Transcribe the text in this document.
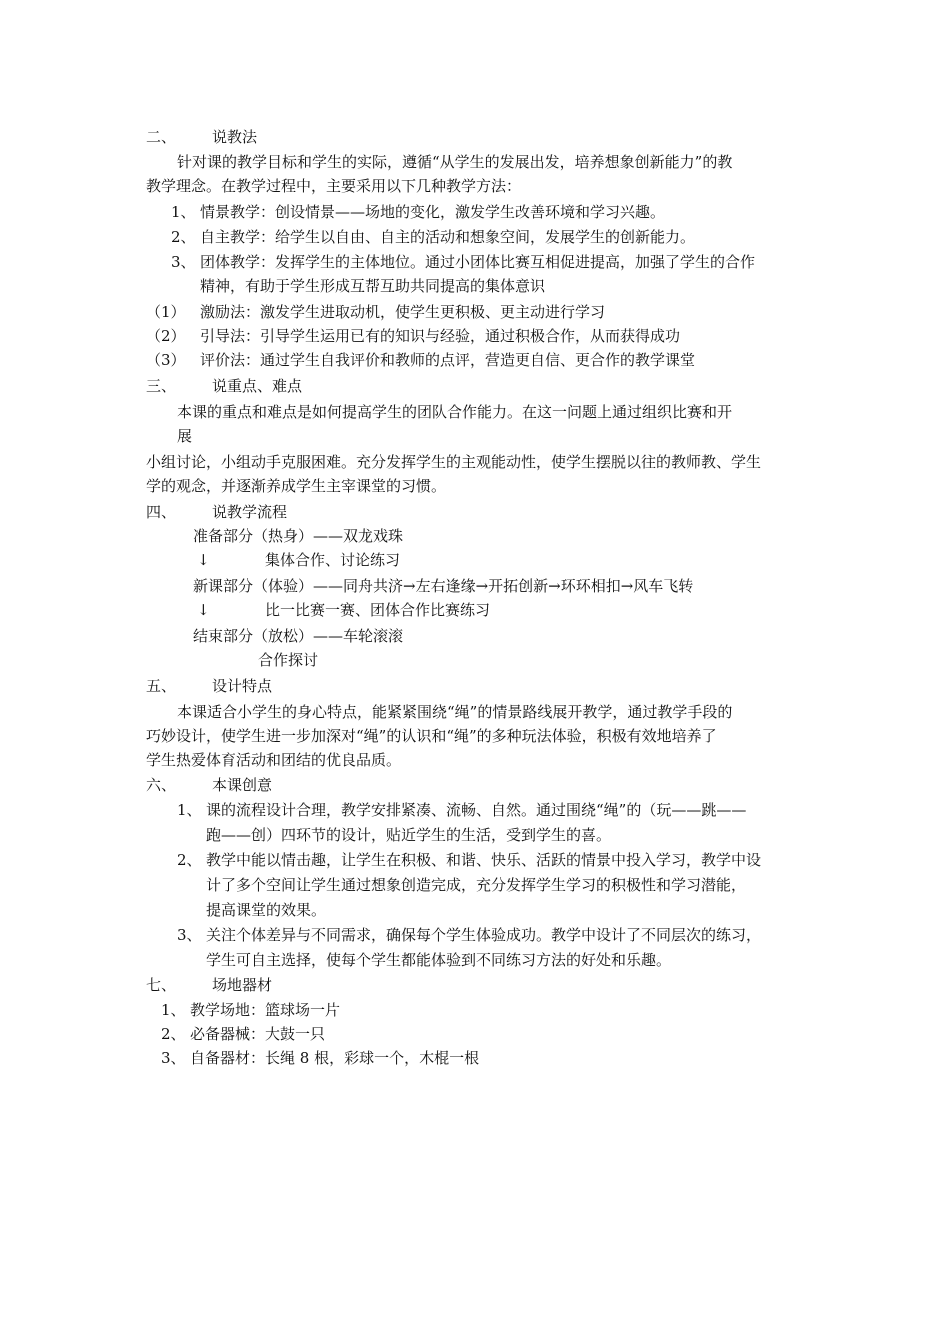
二、 说教法
针对课的教学目标和学生的实际，遵循“从学生的发展出发，培养想象创新能力”的教
教学理念。在教学过程中，主要采用以下几种教学方法：
1、 情景教学：创设情景——场地的变化，激发学生改善环境和学习兴趣。
2、 自主教学：给学生以自由、自主的活动和想象空间，发展学生的创新能力。
3、 团体教学：发挥学生的主体地位。通过小团体比赛互相促进提高，加强了学生的合作
精神，有助于学生形成互帮互助共同提高的集体意识
（1） 激励法：激发学生进取动机，使学生更积极、更主动进行学习
（2） 引导法：引导学生运用已有的知识与经验，通过积极合作，从而获得成功
（3） 评价法：通过学生自我评价和教师的点评，营造更自信、更合作的教学课堂
三、 说重点、难点
本课的重点和难点是如何提高学生的团队合作能力。在这一问题上通过组织比赛和开
展
小组讨论，小组动手克服困难。充分发挥学生的主观能动性，使学生摆脱以往的教师教、学生
学的观念，并逐渐养成学生主宰课堂的习惯。
四、 说教学流程
准备部分（热身）——双龙戏珠
↓	集体合作、讨论练习
新课部分（体验）——同舟共济→左右逢缘→开拓创新→环环相扣→风车飞转
↓	比一比赛一赛、团体合作比赛练习
结束部分（放松）——车轮滚滚
合作探讨
五、 设计特点
本课适合小学生的身心特点，能紧紧围绕“绳”的情景路线展开教学，通过教学手段的
巧妙设计，使学生进一步加深对“绳”的认识和“绳”的多种玩法体验，积极有效地培养了
学生热爱体育活动和团结的优良品质。
六、 本课创意
1、 课的流程设计合理，教学安排紧凑、流畅、自然。通过围绕“绳”的（玩——跳——
跑——创）四环节的设计，贴近学生的生活，受到学生的喜。
2、 教学中能以情击趣，让学生在积极、和谐、快乐、活跃的情景中投入学习，教学中设
计了多个空间让学生通过想象创造完成，充分发挥学生学习的积极性和学习潜能，
提高课堂的效果。
3、 关注个体差异与不同需求，确保每个学生体验成功。教学中设计了不同层次的练习，
学生可自主选择，使每个学生都能体验到不同练习方法的好处和乐趣。
七、 场地器材
1、 教学场地：篮球场一片
2、 必备器械：大鼓一只
3、 自备器材：长绳 8 根，彩球一个，木棍一根
